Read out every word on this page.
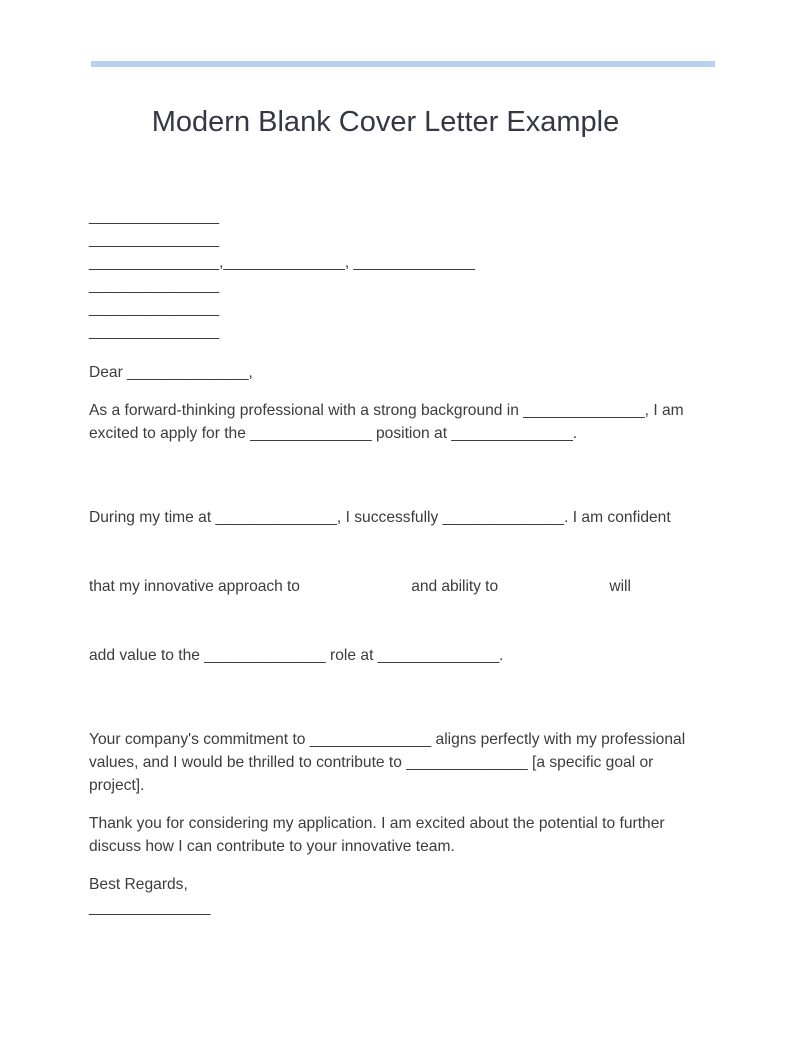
Modern Blank Cover Letter Example
_______________
_______________
_______________,______________, ______________
_______________
_______________
_______________

Dear ______________,

As a forward-thinking professional with a strong background in ______________, I am excited to apply for the ______________ position at ______________.

During my time at ______________, I successfully ______________. I am confident

that my innovative approach to                          and ability to                          will

add value to the ______________ role at ______________.

Your company's commitment to ______________ aligns perfectly with my professional values, and I would be thrilled to contribute to ______________ [a specific goal or project].

Thank you for considering my application. I am excited about the potential to further discuss how I can contribute to your innovative team.

Best Regards,
______________
